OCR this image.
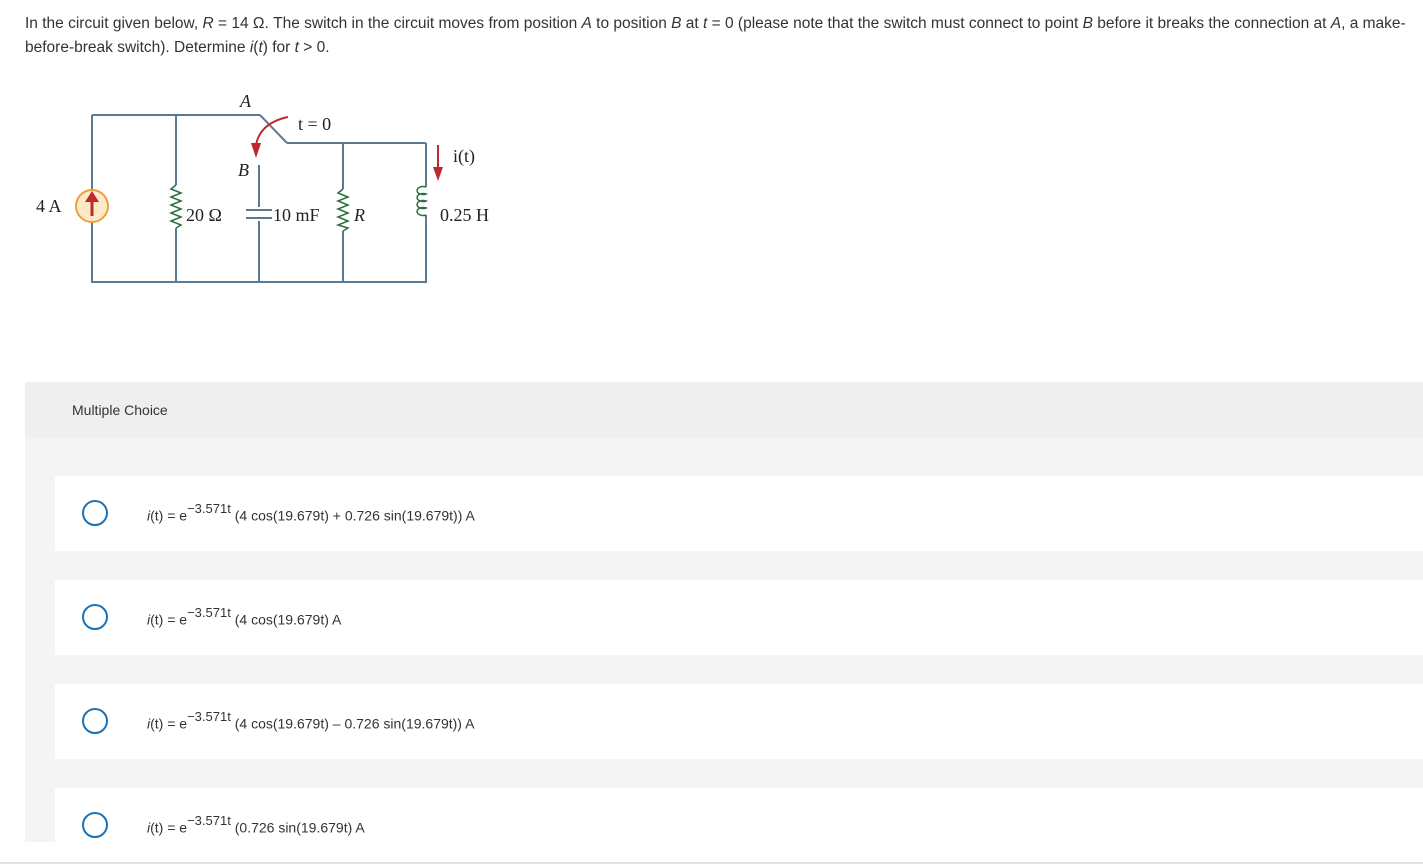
In the circuit given below, R = 14 Ω. The switch in the circuit moves from position A to position B at t = 0 (please note that the switch must connect to point B before it breaks the connection at A, a make-before-break switch). Determine i(t) for t > 0.
A
B
t = 0
i(t)
4 A	20 Ω	10 mF R	0.25 H
Multiple Choice
$i(t) = e^{-3.571t}$ (4 cos(19.679t) + 0.726 sin(19.679t)) A
$i(t) = e^{-3.571t}$ (4 cos(19.679t) A
$i(t) = e^{-3.571t}$ (4 cos(19.679t) – 0.726 sin(19.679t)) A
$i(t) = e^{-3.571t}$ (0.726 sin(19.679t) A
